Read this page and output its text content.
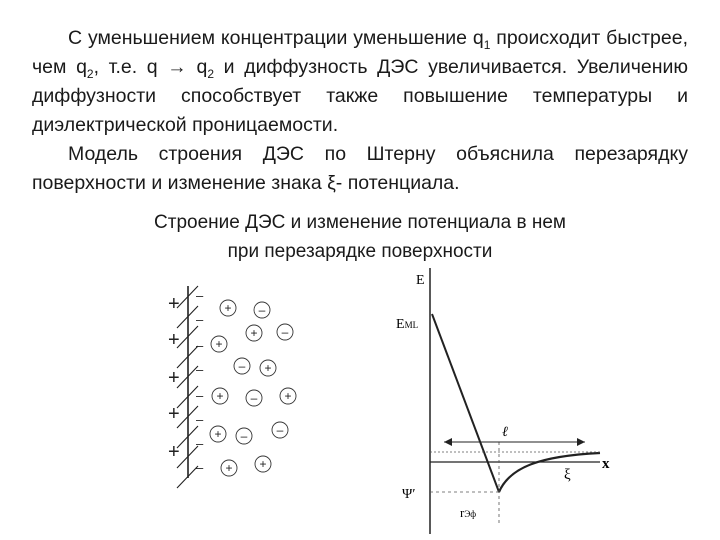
С уменьшением концентрации уменьшение $q_1$ происходит быстрее, чем $q_2$, т.е. $q \to q_2$ и диффузность ДЭС увеличивается. Увеличению диффузности способствует также повышение температуры и диэлектрической проницаемости.

Модель строения ДЭС по Штерну объяснила перезарядку поверхности и изменение знака ξ- потенциала.

Строение ДЭС и изменение потенциала в нем
при перезарядке поверхности
+
+
+
+
+
–
–
–
–
–
–
–
–
+ –
+ –
+
– +
+ – +
+ – –
+ +
E
EML
ℓ
x
ξ
Ψ′
rЭф
